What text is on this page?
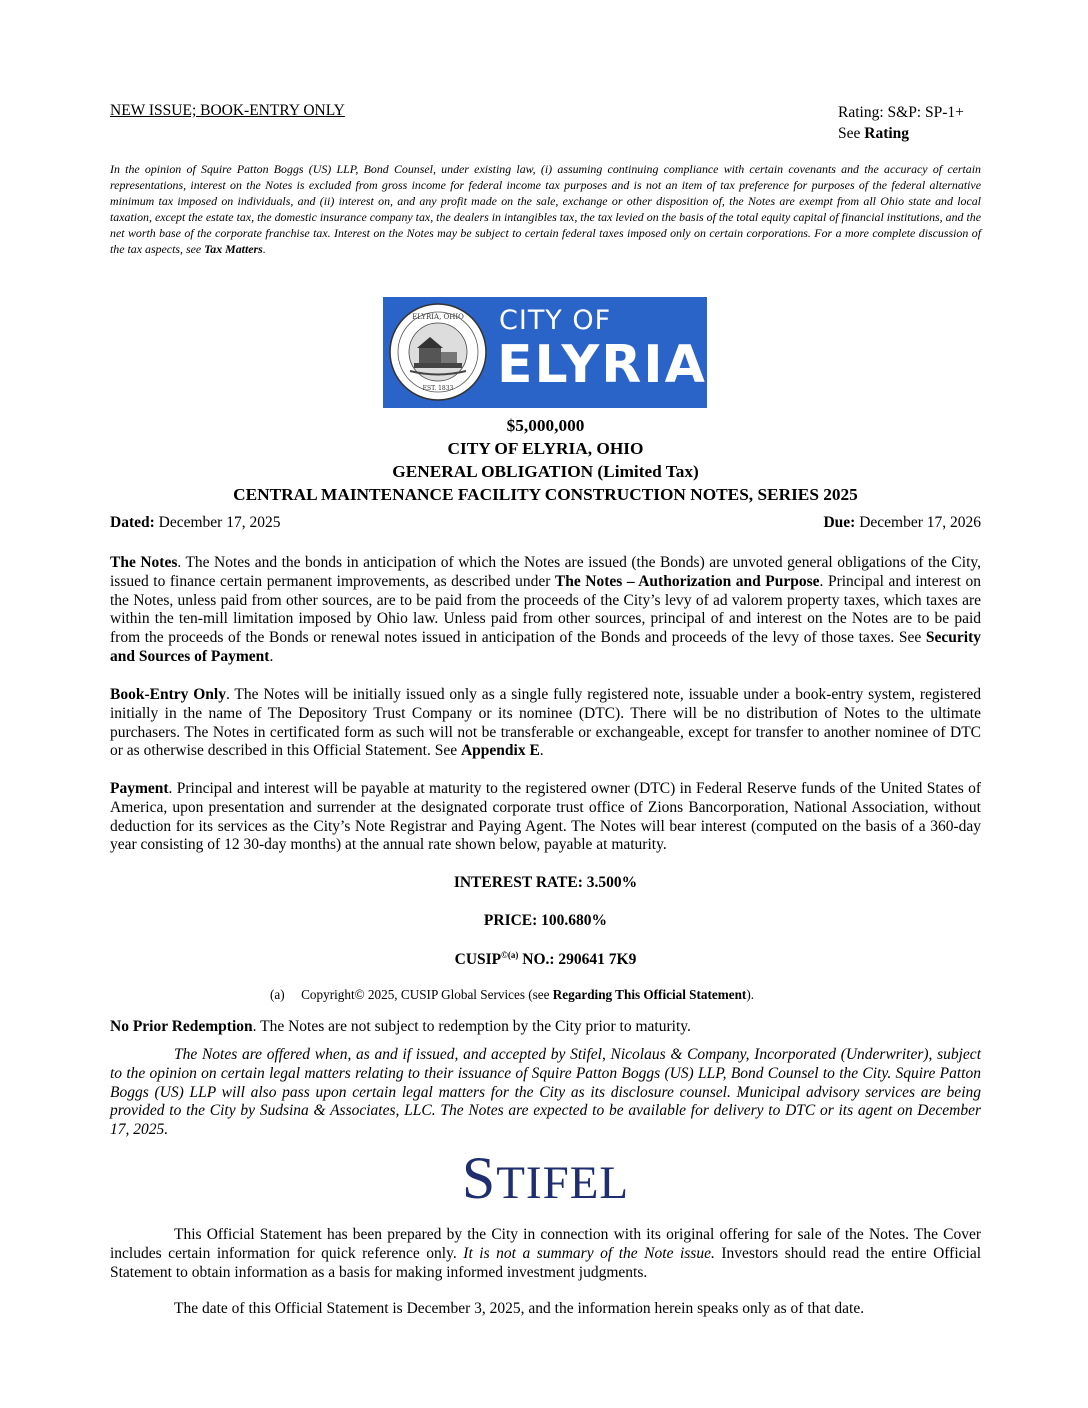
NEW ISSUE; BOOK-ENTRY ONLY	Rating: S&P: SP-1+
See Rating
In the opinion of Squire Patton Boggs (US) LLP, Bond Counsel, under existing law, (i) assuming continuing compliance with certain covenants and the accuracy of certain representations, interest on the Notes is excluded from gross income for federal income tax purposes and is not an item of tax preference for purposes of the federal alternative minimum tax imposed on individuals, and (ii) interest on, and any profit made on the sale, exchange or other disposition of, the Notes are exempt from all Ohio state and local taxation, except the estate tax, the domestic insurance company tax, the dealers in intangibles tax, the tax levied on the basis of the total equity capital of financial institutions, and the net worth base of the corporate franchise tax. Interest on the Notes may be subject to certain federal taxes imposed only on certain corporations. For a more complete discussion of the tax aspects, see Tax Matters.
ELYRIA, OHIO
EST. 1833
CITY OF
ELYRIA
$5,000,000
CITY OF ELYRIA, OHIO
GENERAL OBLIGATION (Limited Tax)
CENTRAL MAINTENANCE FACILITY CONSTRUCTION NOTES, SERIES 2025
Dated: December 17, 2025	Due: December 17, 2026
The Notes. The Notes and the bonds in anticipation of which the Notes are issued (the Bonds) are unvoted general obligations of the City, issued to finance certain permanent improvements, as described under The Notes – Authorization and Purpose. Principal and interest on the Notes, unless paid from other sources, are to be paid from the proceeds of the City’s levy of ad valorem property taxes, which taxes are within the ten-mill limitation imposed by Ohio law. Unless paid from other sources, principal of and interest on the Notes are to be paid from the proceeds of the Bonds or renewal notes issued in anticipation of the Bonds and proceeds of the levy of those taxes. See Security and Sources of Payment.
Book-Entry Only. The Notes will be initially issued only as a single fully registered note, issuable under a book-entry system, registered initially in the name of The Depository Trust Company or its nominee (DTC). There will be no distribution of Notes to the ultimate purchasers. The Notes in certificated form as such will not be transferable or exchangeable, except for transfer to another nominee of DTC or as otherwise described in this Official Statement. See Appendix E.
Payment. Principal and interest will be payable at maturity to the registered owner (DTC) in Federal Reserve funds of the United States of America, upon presentation and surrender at the designated corporate trust office of Zions Bancorporation, National Association, without deduction for its services as the City’s Note Registrar and Paying Agent. The Notes will bear interest (computed on the basis of a 360-day year consisting of 12 30-day months) at the annual rate shown below, payable at maturity.
INTEREST RATE: 3.500%
PRICE: 100.680%
$CUSIP^{©(a)}$ NO.: 290641 7K9
(a) Copyright© 2025, CUSIP Global Services (see Regarding This Official Statement).
No Prior Redemption. The Notes are not subject to redemption by the City prior to maturity.
The Notes are offered when, as and if issued, and accepted by Stifel, Nicolaus & Company, Incorporated (Underwriter), subject to the opinion on certain legal matters relating to their issuance of Squire Patton Boggs (US) LLP, Bond Counsel to the City. Squire Patton Boggs (US) LLP will also pass upon certain legal matters for the City as its disclosure counsel. Municipal advisory services are being provided to the City by Sudsina & Associates, LLC. The Notes are expected to be available for delivery to DTC or its agent on December 17, 2025.
STIFEL
This Official Statement has been prepared by the City in connection with its original offering for sale of the Notes. The Cover includes certain information for quick reference only. It is not a summary of the Note issue. Investors should read the entire Official Statement to obtain information as a basis for making informed investment judgments.
The date of this Official Statement is December 3, 2025, and the information herein speaks only as of that date.
